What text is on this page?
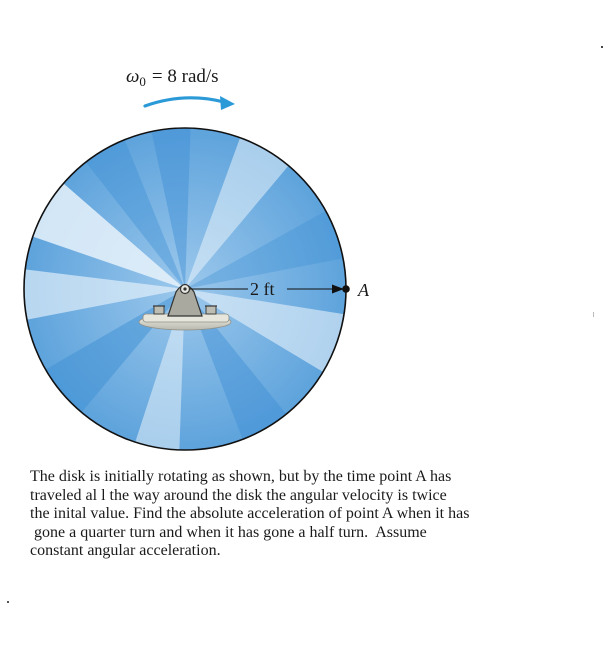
$\omega_0 = 8$ rad/s
2 ft	A
The disk is initially rotating as shown, but by the time point A has
traveled al l the way around the disk the angular velocity is twice
the inital value. Find the absolute acceleration of point A when it has
gone a quarter turn and when it has gone a half turn.  Assume
constant angular acceleration.
